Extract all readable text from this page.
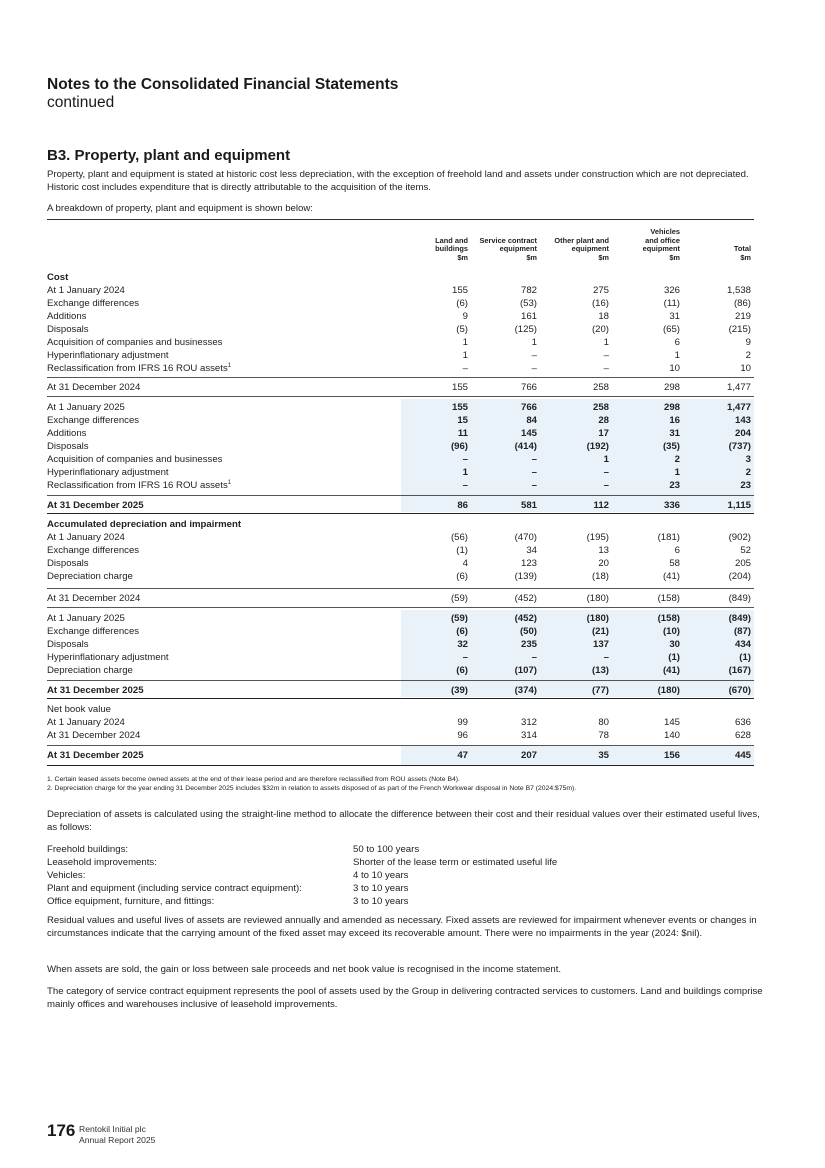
Notes to the Consolidated Financial Statements
continued
B3. Property, plant and equipment
Property, plant and equipment is stated at historic cost less depreciation, with the exception of freehold land and assets under construction which are not depreciated. Historic cost includes expenditure that is directly attributable to the acquisition of the items.
A breakdown of property, plant and equipment is shown below:
Land and
buildings
$m
Service contract
equipment
$m
Other plant and
equipment
$m
Vehicles
and office
equipment
$m
Total
$m
Cost
At 1 January 2024	155	782	275	326	1,538
Exchange differences	(6)	(53)	(16)	(11)	(86)
Additions	9	161	18	31	219
Disposals	(5)	(125)	(20)	(65)	(215)
Acquisition of companies and businesses	1	1	1	6	9
Hyperinflationary adjustment	1	–	–	1	2
Reclassification from IFRS 16 ROU assets$^1$	–	–	–	10	10
At 31 December 2024	155	766	258	298	1,477
At 1 January 2025	155	766	258	298	1,477
Exchange differences	15	84	28	16	143
Additions	11	145	17	31	204
Disposals	(96)	(414)	(192)	(35)	(737)
Acquisition of companies and businesses	–	–	1	2	3
Hyperinflationary adjustment	1	–	–	1	2
Reclassification from IFRS 16 ROU assets$^1$	–	–	–	23	23
At 31 December 2025	86	581	112	336	1,115
Accumulated depreciation and impairment
At 1 January 2024	(56)	(470)	(195)	(181)	(902)
Exchange differences	(1)	34	13	6	52
Disposals	4	123	20	58	205
Depreciation charge	(6)	(139)	(18)	(41)	(204)
At 31 December 2024	(59)	(452)	(180)	(158)	(849)
At 1 January 2025	(59)	(452)	(180)	(158)	(849)
Exchange differences	(6)	(50)	(21)	(10)	(87)
Disposals	32	235	137	30	434
Hyperinflationary adjustment	–	–	–	(1)	(1)
Depreciation charge	(6)	(107)	(13)	(41)	(167)
At 31 December 2025	(39)	(374)	(77)	(180)	(670)
Net book value
At 1 January 2024	99	312	80	145	636
At 31 December 2024	96	314	78	140	628
At 31 December 2025	47	207	35	156	445
1. Certain leased assets become owned assets at the end of their lease period and are therefore reclassified from ROU assets (Note B4).
2. Depreciation charge for the year ending 31 December 2025 includes $32m in relation to assets disposed of as part of the French Workwear disposal in Note B7 (2024:$75m).
Depreciation of assets is calculated using the straight-line method to allocate the difference between their cost and their residual values over their estimated useful lives, as follows:
Freehold buildings:	50 to 100 years
Leasehold improvements:	Shorter of the lease term or estimated useful life
Vehicles:	4 to 10 years
Plant and equipment (including service contract equipment):	3 to 10 years
Office equipment, furniture, and fittings:	3 to 10 years
Residual values and useful lives of assets are reviewed annually and amended as necessary. Fixed assets are reviewed for impairment whenever events or changes in circumstances indicate that the carrying amount of the fixed asset may exceed its recoverable amount. There were no impairments in the year (2024: $nil).
When assets are sold, the gain or loss between sale proceeds and net book value is recognised in the income statement.
The category of service contract equipment represents the pool of assets used by the Group in delivering contracted services to customers. Land and buildings comprise mainly offices and warehouses inclusive of leasehold improvements.
176 Rentokil Initial plc
Annual Report 2025
